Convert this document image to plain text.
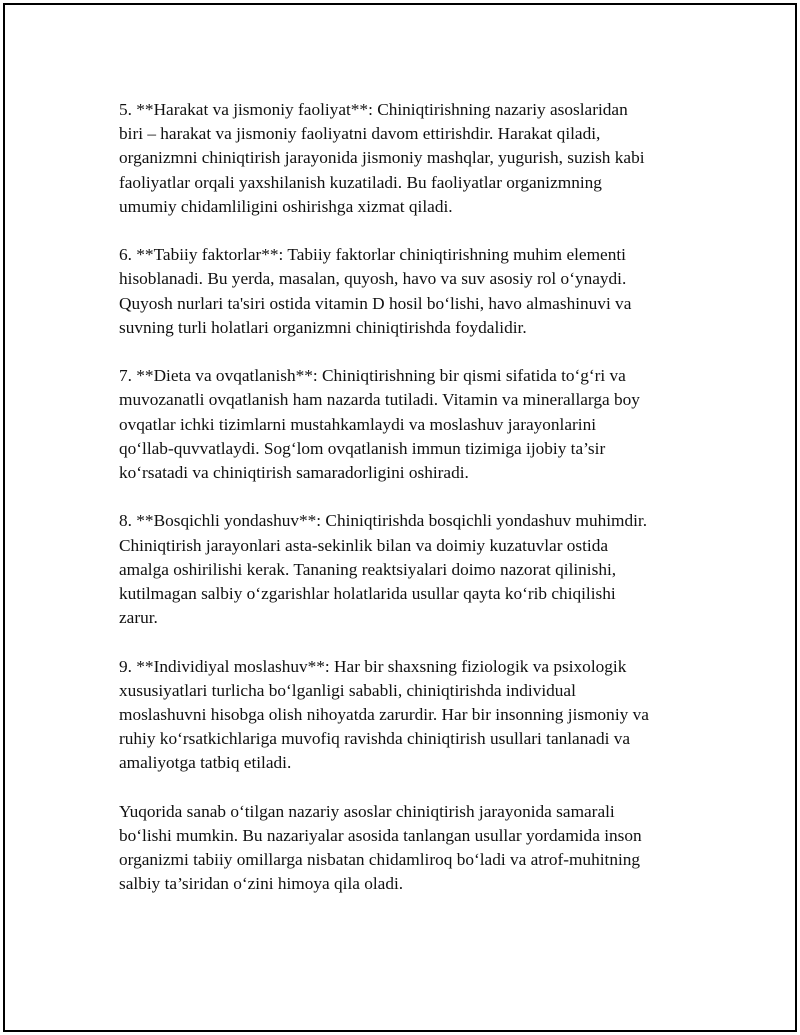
5. **Harakat va jismoniy faoliyat**: Chiniqtirishning nazariy asoslaridan
biri – harakat va jismoniy faoliyatni davom ettirishdir. Harakat qiladi,
organizmni chiniqtirish jarayonida jismoniy mashqlar, yugurish, suzish kabi
faoliyatlar orqali yaxshilanish kuzatiladi. Bu faoliyatlar organizmning
umumiy chidamliligini oshirishga xizmat qiladi.

6. **Tabiiy faktorlar**: Tabiiy faktorlar chiniqtirishning muhim elementi
hisoblanadi. Bu yerda, masalan, quyosh, havo va suv asosiy rol o‘ynaydi.
Quyosh nurlari ta'siri ostida vitamin D hosil bo‘lishi, havo almashinuvi va
suvning turli holatlari organizmni chiniqtirishda foydalidir.

7. **Dieta va ovqatlanish**: Chiniqtirishning bir qismi sifatida to‘g‘ri va
muvozanatli ovqatlanish ham nazarda tutiladi. Vitamin va minerallarga boy
ovqatlar ichki tizimlarni mustahkamlaydi va moslashuv jarayonlarini
qo‘llab-quvvatlaydi. Sog‘lom ovqatlanish immun tizimiga ijobiy ta’sir
ko‘rsatadi va chiniqtirish samaradorligini oshiradi.

8. **Bosqichli yondashuv**: Chiniqtirishda bosqichli yondashuv muhimdir.
Chiniqtirish jarayonlari asta-sekinlik bilan va doimiy kuzatuvlar ostida
amalga oshirilishi kerak. Tananing reaktsiyalari doimo nazorat qilinishi,
kutilmagan salbiy o‘zgarishlar holatlarida usullar qayta ko‘rib chiqilishi
zarur.

9. **Individiyal moslashuv**: Har bir shaxsning fiziologik va psixologik
xususiyatlari turlicha bo‘lganligi sababli, chiniqtirishda individual
moslashuvni hisobga olish nihoyatda zarurdir. Har bir insonning jismoniy va
ruhiy ko‘rsatkichlariga muvofiq ravishda chiniqtirish usullari tanlanadi va
amaliyotga tatbiq etiladi.

Yuqorida sanab o‘tilgan nazariy asoslar chiniqtirish jarayonida samarali
bo‘lishi mumkin. Bu nazariyalar asosida tanlangan usullar yordamida inson
organizmi tabiiy omillarga nisbatan chidamliroq bo‘ladi va atrof-muhitning
salbiy ta’siridan o‘zini himoya qila oladi.
